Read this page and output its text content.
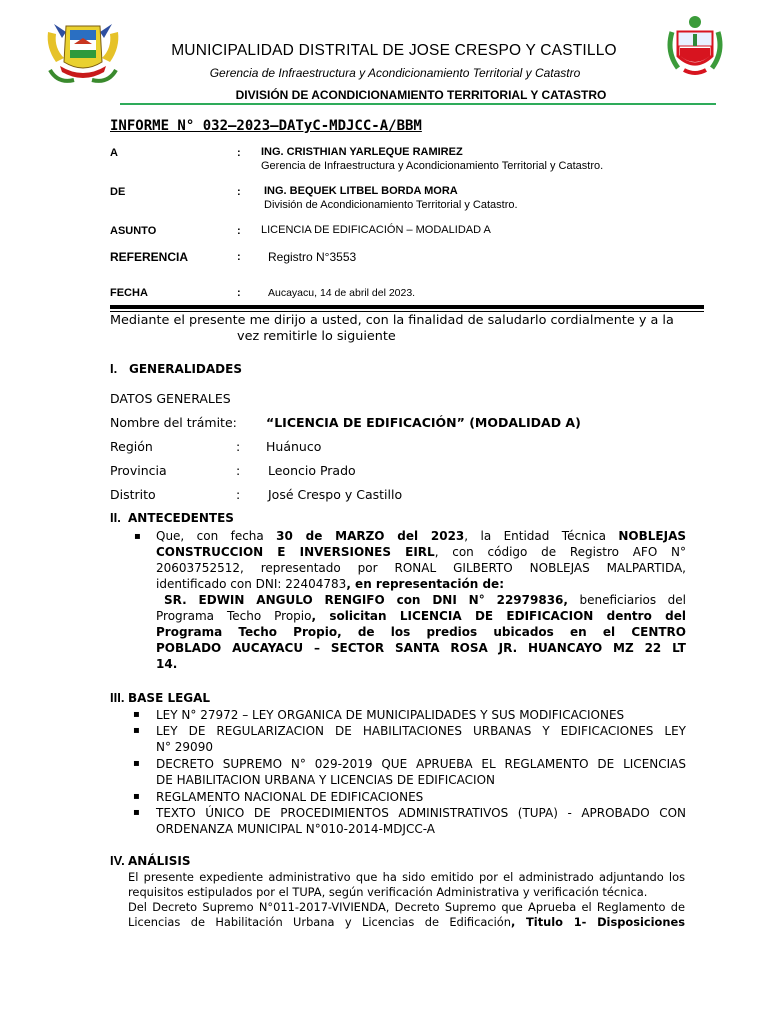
MUNICIPALIDAD DISTRITAL DE JOSE CRESPO Y CASTILLO
Gerencia de Infraestructura y Acondicionamiento Territorial y Catastro
DIVISIÓN DE ACONDICIONAMIENTO TERRITORIAL Y CATASTRO
INFORME N° 032–2023–DATyC-MDJCC-A/BBM
A	: ING. CRISTHIAN YARLEQUE RAMIREZ
Gerencia de Infraestructura y Acondicionamiento Territorial y Catastro.
DE	: ING. BEQUEK LITBEL BORDA MORA
División de Acondicionamiento Territorial y Catastro.
ASUNTO	: LICENCIA DE EDIFICACIÓN – MODALIDAD A
REFERENCIA	: Registro N°3553
FECHA	:	Aucayacu, 14 de abril del 2023.
Mediante el presente me dirijo a usted, con la finalidad de saludarlo cordialmente y a la
vez remitirle lo siguiente
I. GENERALIDADES
DATOS GENERALES
Nombre del trámite: “LICENCIA DE EDIFICACIÓN” (MODALIDAD A)
Región	: Huánuco
Provincia	: Leoncio Prado
Distrito	: José Crespo y Castillo
II. ANTECEDENTES
▪ Que, con fecha 30 de MARZO del 2023, la Entidad Técnica NOBLEJAS
CONSTRUCCION E INVERSIONES EIRL, con código de Registro AFO N°
20603752512, representado por RONAL GILBERTO NOBLEJAS MALPARTIDA,
identificado con DNI: 22404783, en representación de:
SR. EDWIN ANGULO RENGIFO con DNI N° 22979836, beneficiarios del
Programa Techo Propio, solicitan LICENCIA DE EDIFICACION dentro del
Programa Techo Propio, de los predios ubicados en el CENTRO
POBLADO AUCAYACU – SECTOR SANTA ROSA JR. HUANCAYO MZ 22 LT
14.
III. BASE LEGAL
▪ LEY N° 27972 – LEY ORGANICA DE MUNICIPALIDADES Y SUS MODIFICACIONES
▪ LEY DE REGULARIZACION DE HABILITACIONES URBANAS Y EDIFICACIONES LEY
N° 29090
▪ DECRETO SUPREMO N° 029-2019 QUE APRUEBA EL REGLAMENTO DE LICENCIAS
DE HABILITACION URBANA Y LICENCIAS DE EDIFICACION
▪ REGLAMENTO NACIONAL DE EDIFICACIONES
▪ TEXTO ÚNICO DE PROCEDIMIENTOS ADMINISTRATIVOS (TUPA) - APROBADO CON
ORDENANZA MUNICIPAL N°010-2014-MDJCC-A
IV. ANÁLISIS
El presente expediente administrativo que ha sido emitido por el administrado adjuntando los
requisitos estipulados por el TUPA, según verificación Administrativa y verificación técnica.
Del Decreto Supremo N°011-2017-VIVIENDA, Decreto Supremo que Aprueba el Reglamento de
Licencias de Habilitación Urbana y Licencias de Edificación, Titulo 1- Disposiciones
